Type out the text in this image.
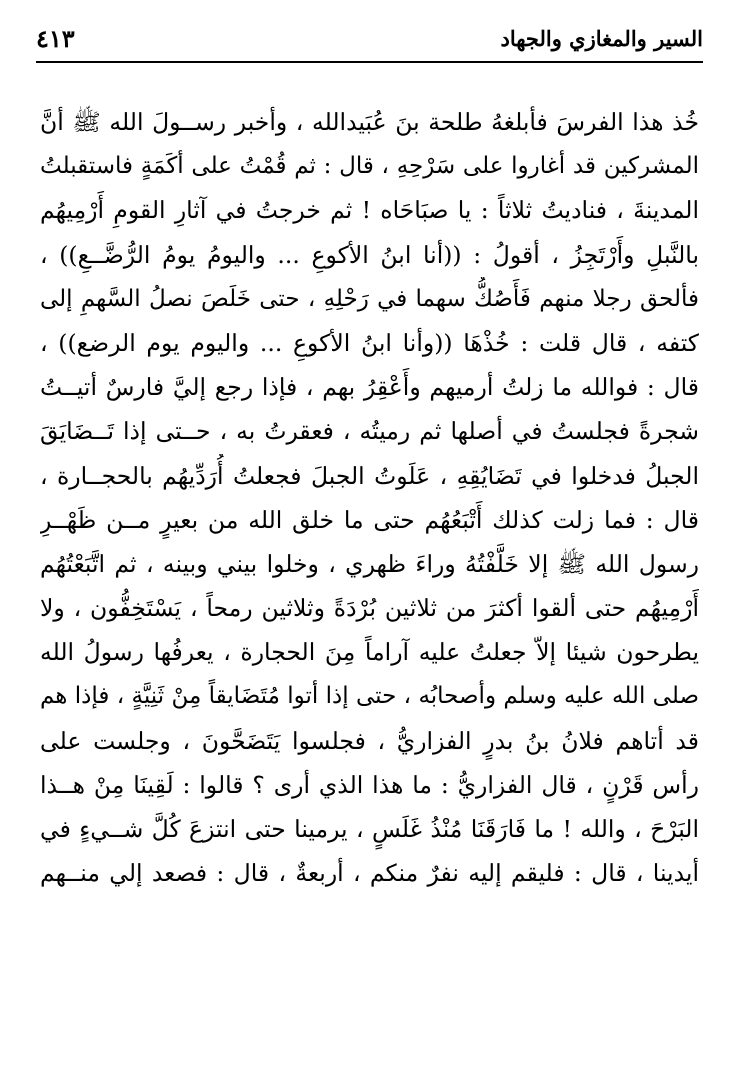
السير والمغازي والجهاد
٤١٣
خُذ هذا الفرسَ فأبلغهُ طلحة بنَ عُبَيدالله ، وأخبر رســولَ الله ﷺ أنَّ
المشركين قد أغاروا على سَرْحِهِ ، قال : ثم قُمْتُ على أكَمَةٍ فاستقبلتُ
المدينةَ ، فناديتُ ثلاثاً : يا صبَاحَاه ! ثم خرجتُ في آثارِ القومِ أَرْمِيهُم
بالنَّبلِ وأَرْتَجِزُ ، أقولُ : ((أنا ابنُ الأكوعِ ... واليومُ يومُ الرُّضَّــعِ)) ،
فألحق رجلا منهم فَأَصُكُّ سهما في رَحْلِهِ ، حتى خَلَصَ نصلُ السَّهمِ إلى
كتفه ، قال قلت : خُذْهَا ((وأنا ابنُ الأكوعِ ... واليوم يوم الرضع)) ،
قال : فوالله ما زلتُ أرميهم وأَعْقِرُ بهم ، فإذا رجع إليَّ فارسٌ أتيــتُ
شجرةً فجلستُ في أصلها ثم رميتُه ، فعقرتُ به ، حــتى إذا تَــضَايَقَ
الجبلُ فدخلوا في تَضَايُقِهِ ، عَلَوتُ الجبلَ فجعلتُ أُرَدِّيهُم بالحجــارة ،
قال : فما زلت كذلك أَتْبَعُهُم حتى ما خلق الله من بعيرٍ مــن ظَهْــرِ
رسول الله ﷺ إلا خَلَّفْتُهُ وراءَ ظهري ، وخلوا بيني وبينه ، ثم اتَّبَعْتُهُم
أَرْمِيهُم حتى ألقوا أكثرَ من ثلاثين بُرْدَةً وثلاثين رمحاً ، يَسْتَخِفُّون ، ولا
يطرحون شيئا إلاّ جعلتُ عليه آراماً مِنَ الحجارة ، يعرفُها رسولُ الله
صلى الله عليه وسلم وأصحابُه ، حتى إذا أتوا مُتَضَايقاً مِنْ ثَنِيَّةٍ ، فإذا هم
قد أتاهم فلانُ بنُ بدرٍ الفزاريُّ ، فجلسوا يَتَضَحَّونَ ، وجلست على
رأس قَرْنٍ ، قال الفزاريُّ : ما هذا الذي أرى ؟ قالوا : لَقِينَا مِنْ هــذا
البَرْحَ ، والله ! ما فَارَقَنَا مُنْذُ غَلَسٍ ، يرمينا حتى انتزعَ كُلَّ شــيءٍ في
أيدينا ، قال : فليقم إليه نفرٌ منكم ، أربعةٌ ، قال : فصعد إلي منــهم
